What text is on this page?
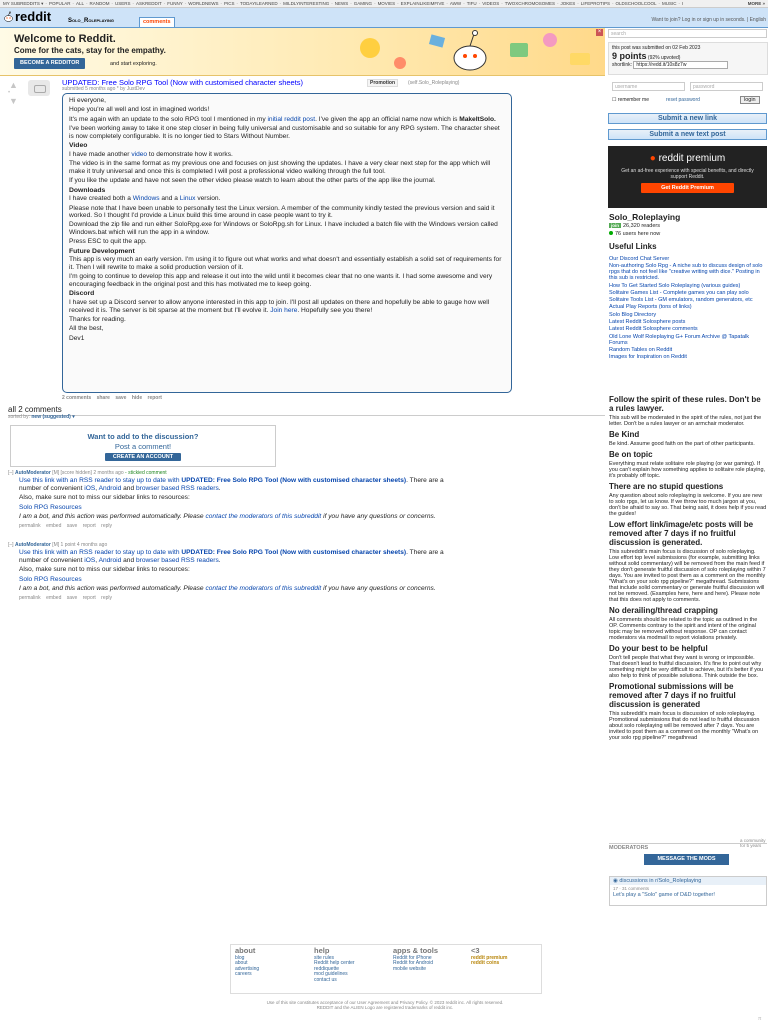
MY SUBREDDITS ▾ - POPULAR - ALL - RANDOM - USERS - ASKREDDIT - FUNNY - WORLDNEWS - PICS - TODAYILEARNED - MILDLYINTERESTING - NEWS - GAMING - MOVIES - EXPLAINLIKEIMFIVE - AWW - TIFU - VIDEOS - TWOXCHROMOSOMES - JOKES - LIFEPROTIPS - OLDSCHOOLCOOL - MUSIC - I	MORE »
reddit	Solo_Roleplaying	comments	Want to join? Log in or sign up in seconds. | English
Welcome to Reddit.
Come for the cats, stay for the empathy.
BECOME A REDDITOR	and start exploring.
×
▲
•
▼
UPDATED: Free Solo RPG Tool (Now with customised character sheets)	Promotion	(self.Solo_Roleplaying)
submitted 5 months ago * by JustDev

Hi everyone,

Hope you're all well and lost in imagined worlds!

It's me again with an update to the solo RPG tool I mentioned in my initial reddit post. I've given the app an official name now which is MakeItSolo.

I've been working away to take it one step closer in being fully universal and customisable and so suitable for any RPG system. The character sheet is now completely configurable. It is no longer tied to Stars Without Number.

Video

I have made another video to demonstrate how it works.

The video is in the same format as my previous one and focuses on just showing the updates. I have a very clear next step for the app which will make it truly universal and once this is completed I will post a professional video walking through the full tool.

If you like the update and have not seen the other video please watch to learn about the other parts of the app like the journal.

Downloads

I have created both a Windows and a Linux version.

Please note that I have been unable to personally test the Linux version. A member of the community kindly tested the previous version and said it worked. So I thought I'd provide a Linux build this time around in case people want to try it.

Download the zip file and run either SoloRpg.exe for Windows or SoloRpg.sh for Linux. I have included a batch file with the Windows version called Windows.bat which will run the app in a window.

Press ESC to quit the app.

Future Development

This app is very much an early version. I'm using it to figure out what works and what doesn't and essentially establish a solid set of requirements for it. Then I will rewrite to make a solid production version of it.

I'm going to continue to develop this app and release it out into the wild until it becomes clear that no one wants it. I had some awesome and very encouraging feedback in the original post and this has motivated me to keep going.

Discord

I have set up a Discord server to allow anyone interested in this app to join. I'll post all updates on there and hopefully be able to gauge how well received it is. The server is bit sparse at the moment but I'll evolve it. Join here. Hopefully see you there!

Thanks for reading.

All the best,

Dev1

2 comments share save hide report
all 2 comments
sorted by: new (suggested) ▾
Want to add to the discussion?
Post a comment!
CREATE AN ACCOUNT
[–] AutoModerator [M] [score hidden] 2 months ago - stickied comment

Use this link with an RSS reader to stay up to date with UPDATED: Free Solo RPG Tool (Now with customised character sheets). There are a number of convenient iOS, Android and browser based RSS readers.

Also, make sure not to miss our sidebar links to resources:

Solo RPG Resources

I am a bot, and this action was performed automatically. Please contact the moderators of this subreddit if you have any questions or concerns.

permalink embed save report reply
[–] AutoModerator [M] 1 point 4 months ago

Use this link with an RSS reader to stay up to date with UPDATED: Free Solo RPG Tool (Now with customised character sheets). There are a number of convenient iOS, Android and browser based RSS readers.

Also, make sure not to miss our sidebar links to resources:

Solo RPG Resources

I am a bot, and this action was performed automatically. Please contact the moderators of this subreddit if you have any questions or concerns.

permalink embed save report reply
this post was submitted on 02 Feb 2023
9 points (92% upvoted)
shortlink: https://redd.it/10s8z7w
search
username	password
☐ remember me	reset password	login
Submit a new link
Submit a new text post
● reddit premium
Get an ad-free experience with special benefits, and directly support Reddit.
Get Reddit Premium
Solo_Roleplaying
join 26,320 readers
76 users here now
Useful Links
Our Discord Chat Server
Non-authoring Solo Rpg - A niche sub to discuss design of solo rpgs that do not feel like "creative writing with dice." Posting in this sub is restricted.
How To Get Started Solo Roleplaying (various guides)
Solitaire Games List - Complete games you can play solo
Solitaire Tools List - GM emulators, random generators, etc
Actual Play Reports (tons of links)
Solo Blog Directory
Latest Reddit Solosphere posts
Latest Reddit Solosphere comments
Old Lone Wolf Roleplaying G+ Forum Archive @ Tapatalk Forums
Random Tables on Reddit
Images for Inspiration on Reddit
Follow the spirit of these rules. Don't be a rules lawyer.

This sub will be moderated in the spirit of the rules, not just the letter. Don't be a rules lawyer or an armchair moderator.

Be Kind

Be kind. Assume good faith on the part of other participants.

Be on topic

Everything must relate solitaire role playing (or war gaming). If you can't explain how something applies to solitaire role playing, it's probably off topic.

There are no stupid questions

Any question about solo roleplaying is welcome. If you are new to solo rpgs, let us know. If we throw too much jargon at you, don't be afraid to say so. That being said, it does help if you read the guides!

Low effort link/image/etc posts will be removed after 7 days if no fruitful discussion is generated.

This subreddit's main focus is discussion of solo roleplaying. Low effort top level submissions (for example, submitting links without solid commentary) will be removed from the main feed if they don't generate fruitful discussion of solo roleplaying within 7 days. You are invited to post them as a comment on the monthly "What's on your solo rpg pipeline?" megathread. Submissions that include solid commentary or generate fruitful discussion will not be removed. (Examples here, here and here). Please note that this does not apply to comments.

No derailing/thread crapping

All comments should be related to the topic as outlined in the OP. Comments contrary to the spirit and intent of the original topic may be removed without response. OP can contact moderators via modmail to report violations privately.

Do your best to be helpful

Don't tell people that what they want is wrong or impossible. That doesn't lead to fruitful discussion. It's fine to point out why something might be very difficult to achieve, but it's better if you also help to think of possible solutions. Think outside the box.

Promotional submissions will be removed after 7 days if no fruitful discussion is generated

This subreddit's main focus is discussion of solo roleplaying. Promotional submissions that do not lead to fruitful discussion about solo roleplaying will be removed after 7 days. You are invited to post them as a comment on the monthly "What's on your solo rpg pipeline?" megathread

a community for 5 years
MODERATORS
MESSAGE THE MODS
◉ discussions in r/Solo_Roleplaying
17 · 31 comments
Let's play a "Solo" game of D&D together!
about
blog
about
advertising
careers
help
site rules
Reddit help center
reddiquette
mod guidelines
contact us
apps & tools
Reddit for iPhone
Reddit for Android
mobile website
<3
reddit premium
reddit coins
Use of this site constitutes acceptance of our User Agreement and Privacy Policy. © 2023 reddit inc. All rights reserved.
REDDIT and the ALIEN Logo are registered trademarks of reddit inc.
π
